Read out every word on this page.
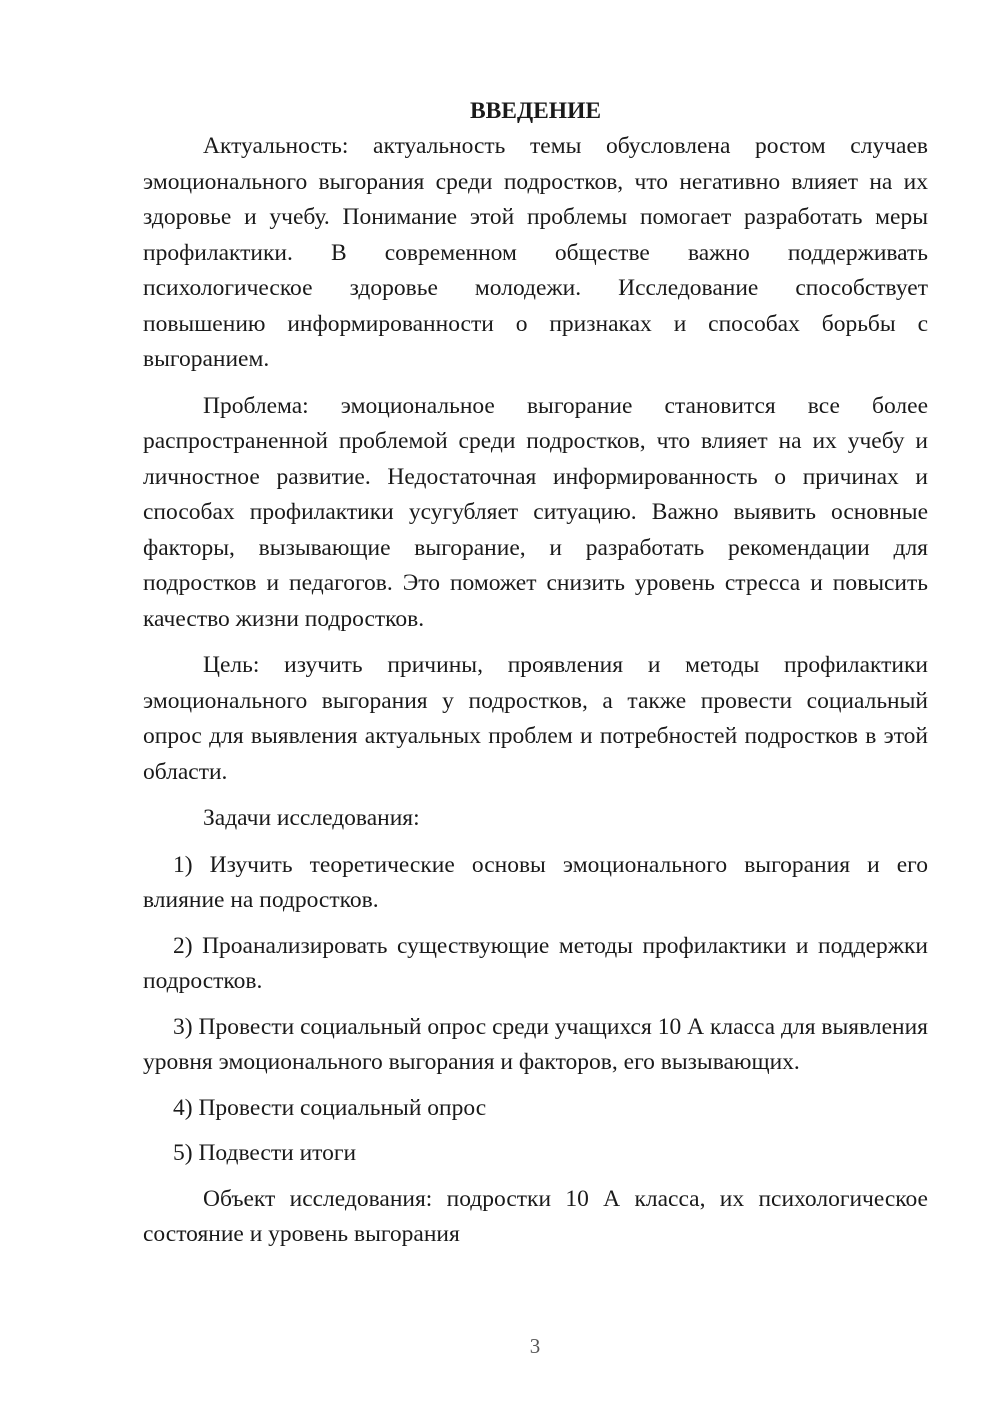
ВВЕДЕНИЕ

Актуальность: актуальность темы обусловлена ростом случаев эмоционального выгорания среди подростков, что негативно влияет на их здоровье и учебу. Понимание этой проблемы помогает разработать меры профилактики. В современном обществе важно поддерживать психологическое здоровье молодежи. Исследование способствует повышению информированности о признаках и способах борьбы с выгоранием.

Проблема: эмоциональное выгорание становится все более распространенной проблемой среди подростков, что влияет на их учебу и личностное развитие. Недостаточная информированность о причинах и способах профилактики усугубляет ситуацию. Важно выявить основные факторы, вызывающие выгорание, и разработать рекомендации для подростков и педагогов. Это поможет снизить уровень стресса и повысить качество жизни подростков.

Цель: изучить причины, проявления и методы профилактики эмоционального выгорания у подростков, а также провести социальный опрос для выявления актуальных проблем и потребностей подростков в этой области.

Задачи исследования:

1) Изучить теоретические основы эмоционального выгорания и его влияние на подростков.

2) Проанализировать существующие методы профилактики и поддержки подростков.

3) Провести социальный опрос среди учащихся 10 А класса для выявления уровня эмоционального выгорания и факторов, его вызывающих.

4) Провести социальный опрос

5) Подвести итоги

Объект исследования: подростки 10 А класса, их психологическое состояние и уровень выгорания

3
